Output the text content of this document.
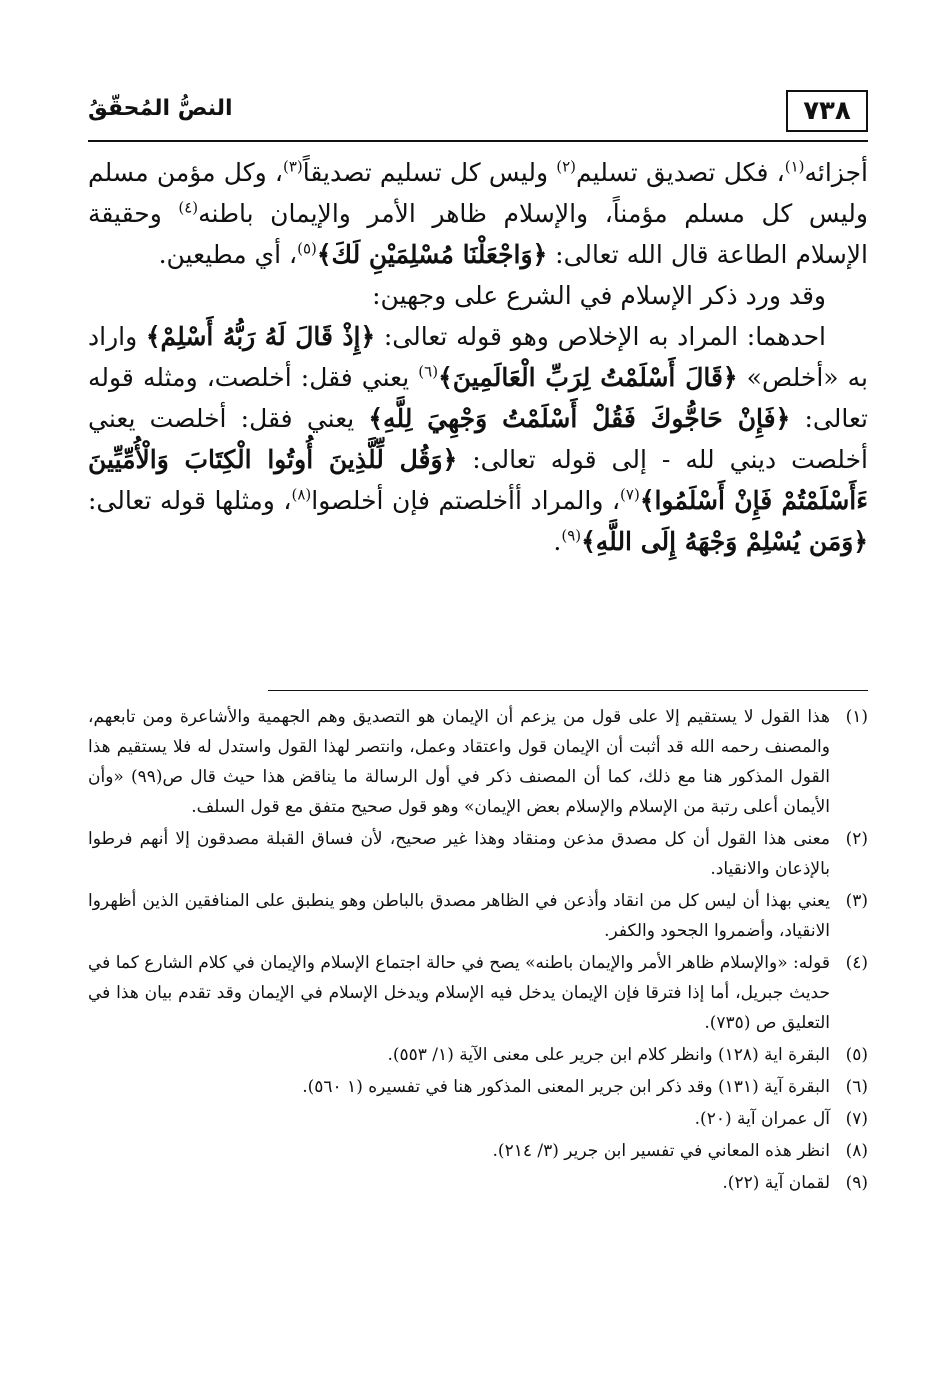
٧٣٨
النصُّ المُحقّقُ

أجزائه$^{(١)}$، فكل تصديق تسليم$^{(٢)}$ وليس كل تسليم تصديقاً$^{(٣)}$، وكل مؤمن مسلم وليس كل مسلم مؤمناً، والإسلام ظاهر الأمر والإيمان باطنه$^{(٤)}$ وحقيقة الإسلام الطاعة قال الله تعالى: ﴿وَاجْعَلْنَا مُسْلِمَيْنِ لَكَ﴾$^{(٥)}$، أي مطيعين.

وقد ورد ذكر الإسلام في الشرع على وجهين:

احدهما: المراد به الإخلاص وهو قوله تعالى: ﴿إِذْ قَالَ لَهُ رَبُّهُ أَسْلِمْ﴾ واراد به «أخلص» ﴿قَالَ أَسْلَمْتُ لِرَبِّ الْعَالَمِينَ﴾$^{(٦)}$ يعني فقل: أخلصت، ومثله قوله تعالى: ﴿فَإِنْ حَاجُّوكَ فَقُلْ أَسْلَمْتُ وَجْهِيَ لِلَّهِ﴾ يعني فقل: أخلصت يعني أخلصت ديني لله - إلى قوله تعالى: ﴿وَقُل لِّلَّذِينَ أُوتُوا الْكِتَابَ وَالْأُمِّيِّينَ ءَأَسْلَمْتُمْ فَإِنْ أَسْلَمُوا﴾$^{(٧)}$، والمراد أأخلصتم فإن أخلصوا$^{(٨)}$، ومثلها قوله تعالى: ﴿وَمَن يُسْلِمْ وَجْهَهُ إِلَى اللَّهِ﴾$^{(٩)}$.

(١)
هذا القول لا يستقيم إلا على قول من يزعم أن الإيمان هو التصديق وهم الجهمية والأشاعرة ومن تابعهم، والمصنف رحمه الله قد أثبت أن الإيمان قول واعتقاد وعمل، وانتصر لهذا القول واستدل له فلا يستقيم هذا القول المذكور هنا مع ذلك، كما أن المصنف ذكر في أول الرسالة ما يناقض هذا حيث قال ص(٩٩) «وأن الأيمان أعلى رتبة من الإسلام والإسلام بعض الإيمان» وهو قول صحيح متفق مع قول السلف.

(٢)
معنى هذا القول أن كل مصدق مذعن ومنقاد وهذا غير صحيح، لأن فساق القبلة مصدقون إلا أنهم فرطوا بالإذعان والانقياد.

(٣)
يعني بهذا أن ليس كل من انقاد وأذعن في الظاهر مصدق بالباطن وهو ينطبق على المنافقين الذين أظهروا الانقياد، وأضمروا الجحود والكفر.

(٤)
قوله: «والإسلام ظاهر الأمر والإيمان باطنه» يصح في حالة اجتماع الإسلام والإيمان في كلام الشارع كما في حديث جبريل، أما إذا فترقا فإن الإيمان يدخل فيه الإسلام ويدخل الإسلام في الإيمان وقد تقدم بيان هذا في التعليق ص (٧٣٥).

(٥)
البقرة اية (١٢٨) وانظر كلام ابن جرير على معنى الآية (١/ ٥٥٣).

(٦)
البقرة آية (١٣١) وقد ذكر ابن جرير المعنى المذكور هنا في تفسيره (١ ٥٦٠).

(٧)
آل عمران آية (٢٠).

(٨)
انظر هذه المعاني في تفسير ابن جرير (٣/ ٢١٤).

(٩)
لقمان آية (٢٢).
